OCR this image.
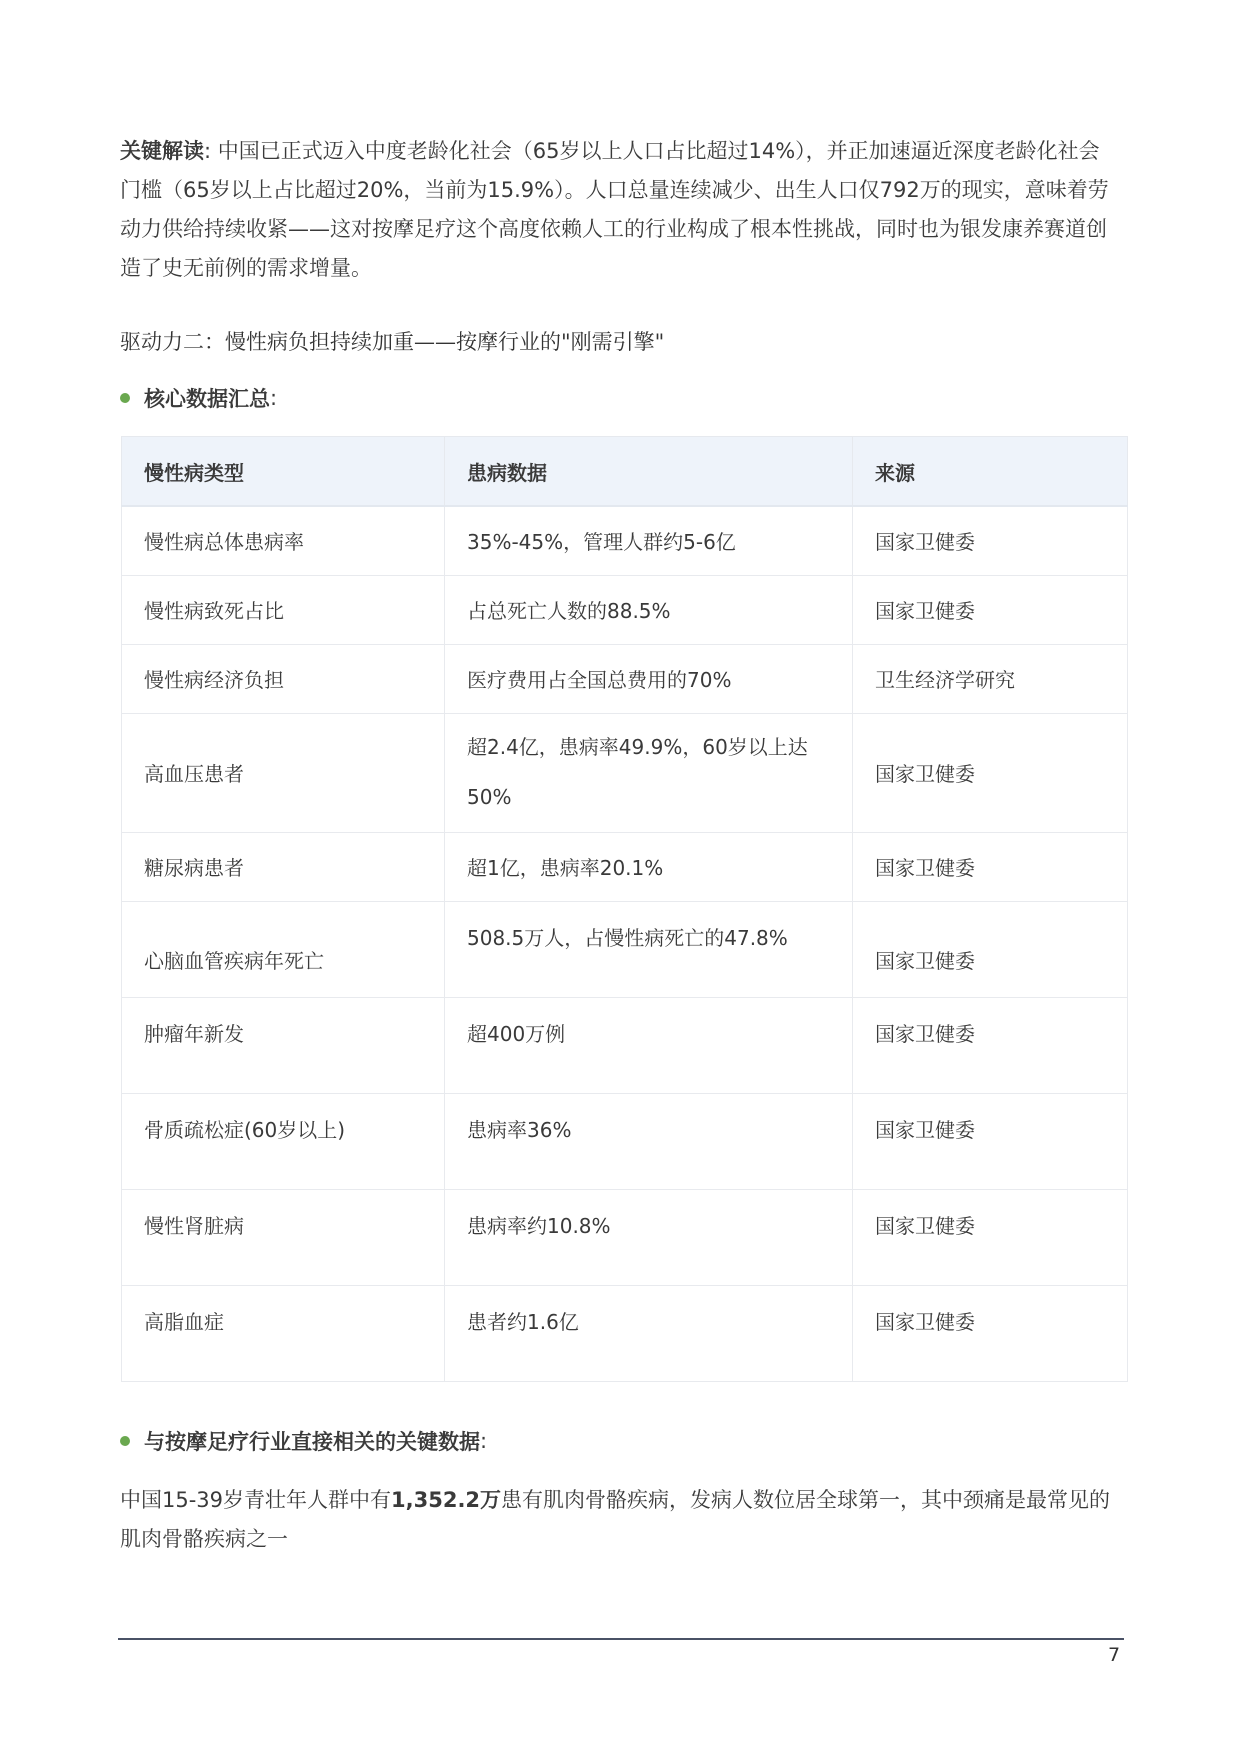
关键解读: 中国已正式迈入中度老龄化社会（65岁以上人口占比超过14%），并正加速逼近深度老龄化社会门槛（65岁以上占比超过20%，当前为15.9%）。人口总量连续减少、出生人口仅792万的现实，意味着劳动力供给持续收紧——这对按摩足疗这个高度依赖人工的行业构成了根本性挑战，同时也为银发康养赛道创造了史无前例的需求增量。

驱动力二：慢性病负担持续加重——按摩行业的"刚需引擎"

核心数据汇总 :
慢性病类型	患病数据	来源
慢性病总体患病率	35%-45%，管理人群约5-6亿	国家卫健委
慢性病致死占比	占总死亡人数的88.5%	国家卫健委
慢性病经济负担	医疗费用占全国总费用的70%	卫生经济学研究
高血压患者	超2.4亿，患病率49.9%，60岁以上达50%	国家卫健委
糖尿病患者	超1亿，患病率20.1%	国家卫健委
心脑血管疾病年死亡	508.5万人，占慢性病死亡的47.8%	国家卫健委
肿瘤年新发	超400万例	国家卫健委
骨质疏松症(60岁以上)	患病率36%	国家卫健委
慢性肾脏病	患病率约10.8%	国家卫健委
高脂血症	患者约1.6亿	国家卫健委
与按摩足疗行业直接相关的关键数据 :

中国15-39岁青壮年人群中有1,352.2万患有肌肉骨骼疾病，发病人数位居全球第一，其中颈痛是最常见的肌肉骨骼疾病之一

7
